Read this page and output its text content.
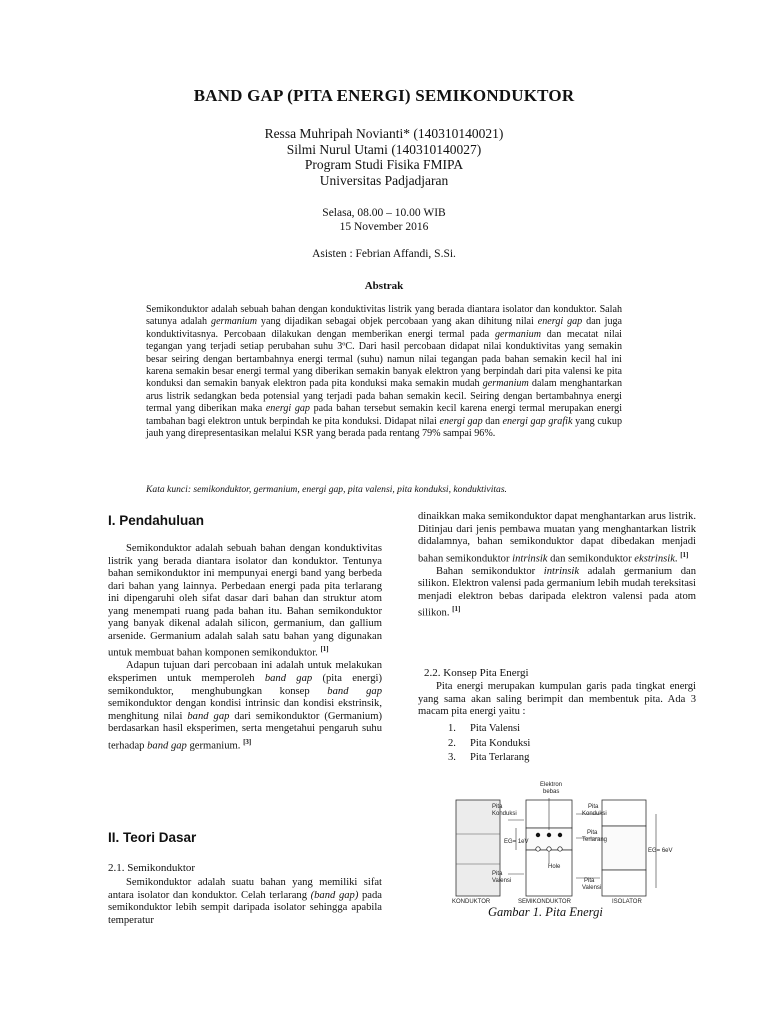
BAND GAP (PITA ENERGI) SEMIKONDUKTOR
Ressa Muhripah Novianti* (140310140021)
Silmi Nurul Utami (140310140027)
Program Studi Fisika FMIPA
Universitas Padjadjaran
Selasa, 08.00 – 10.00 WIB
15 November 2016
Asisten : Febrian Affandi, S.Si.
Abstrak
Semikonduktor adalah sebuah bahan dengan konduktivitas listrik yang berada diantara isolator dan konduktor. Salah satunya adalah germanium yang dijadikan sebagai objek percobaan yang akan dihitung nilai energi gap dan juga konduktivitasnya. Percobaan dilakukan dengan memberikan energi termal pada germanium dan mecatat nilai tegangan yang terjadi setiap perubahan suhu 3ºC. Dari hasil percobaan didapat nilai konduktivitas yang semakin besar seiring dengan bertambahnya energi termal (suhu) namun nilai tegangan pada bahan semakin kecil hal ini karena semakin besar energi termal yang diberikan semakin banyak elektron yang berpindah dari pita valensi ke pita konduksi dan semakin banyak elektron pada pita konduksi maka semakin mudah germanium dalam menghantarkan arus listrik sedangkan beda potensial yang terjadi pada bahan semakin kecil. Seiring dengan bertambahnya energi termal yang diberikan maka energi gap pada bahan tersebut semakin kecil karena energi termal merupakan energi tambahan bagi elektron untuk berpindah ke pita konduksi. Didapat nilai energi gap dan energi gap grafik yang cukup jauh yang direpresentasikan melalui KSR yang berada pada rentang 79% sampai 96%.
Kata kunci: semikonduktor, germanium, energi gap, pita valensi, pita konduksi, konduktivitas.
I. Pendahuluan

Semikonduktor adalah sebuah bahan dengan konduktivitas listrik yang berada diantara isolator dan konduktor. Tentunya bahan semikonduktor ini mempunyai energi band yang berbeda dari bahan yang lainnya. Perbedaan energi pada pita terlarang ini dipengaruhi oleh sifat dasar dari bahan dan struktur atom yang menempati ruang pada bahan itu. Bahan semikonduktor yang banyak dikenal adalah silicon, germanium, dan gallium arsenide. Germanium adalah salah satu bahan yang digunakan untuk membuat bahan komponen semikonduktor. [1]

Adapun tujuan dari percobaan ini adalah untuk melakukan eksperimen untuk memperoleh band gap (pita energi) semikonduktor, menghubungkan konsep band gap semikonduktor dengan kondisi intrinsic dan kondisi ekstrinsik, menghitung nilai band gap dari semikonduktor (Germanium) berdasarkan hasil eksperimen, serta mengetahui pengaruh suhu terhadap band gap germanium. [3]

II. Teori Dasar
2.1. Semikonduktor

Semikonduktor adalah suatu bahan yang memiliki sifat antara isolator dan konduktor. Celah terlarang (band gap) pada semikonduktor lebih sempit daripada isolator sehingga apabila temperatur

dinaikkan maka semikonduktor dapat menghantarkan arus listrik. Ditinjau dari jenis pembawa muatan yang menghantarkan listrik didalamnya, bahan semikonduktor dapat dibedakan menjadi bahan semikonduktor intrinsik dan semikonduktor ekstrinsik. [1]

Bahan semikonduktor intrinsik adalah germanium dan silikon. Elektron valensi pada germanium lebih mudah tereksitasi menjadi elektron bebas daripada elektron valensi pada atom silikon. [1]

2.2. Konsep Pita Energi

Pita energi merupakan kumpulan garis pada tingkat energi yang sama akan saling berimpit dan membentuk pita. Ada 3 macam pita energi yaitu :

1. Pita Valensi
2. Pita Konduksi
3. Pita Terlarang
Elektron
bebas
Pita
Konduksi
Pita
Konduksi
Pita
Terlarang
EG= 1eV
EG= 6eV
Hole
Pita
Valensi	Pita
Valensi
KONDUKTOR	SEMIKONDUKTOR	ISOLATOR
Gambar 1. Pita Energi
